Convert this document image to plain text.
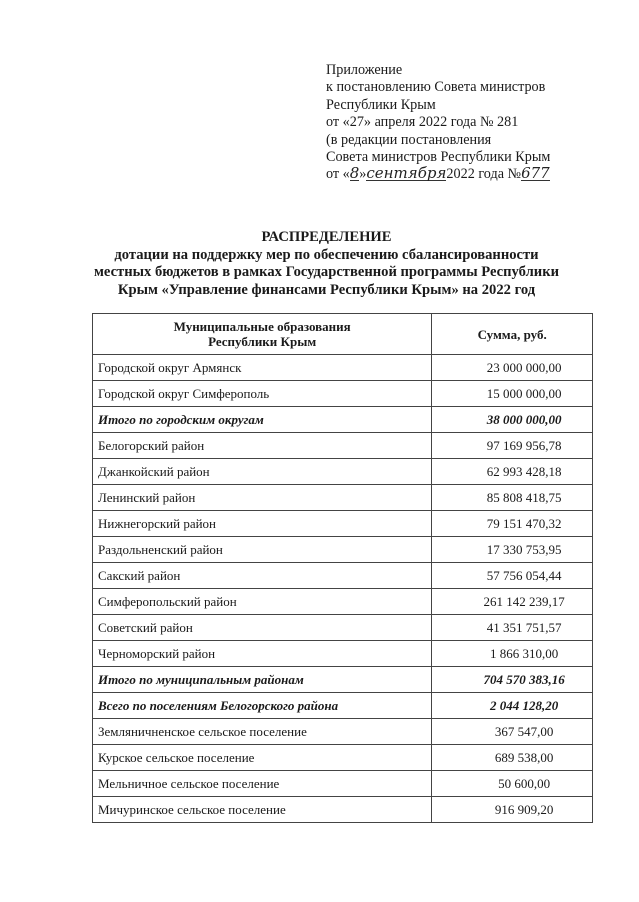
Приложение
к постановлению Совета министров
Республики Крым
от «27» апреля 2022 года № 281
(в редакции постановления
Совета министров Республики Крым
от «8»сентября2022 года №677
РАСПРЕДЕЛЕНИЕ
дотации на поддержку мер по обеспечению сбалансированности
местных бюджетов в рамках Государственной программы Республики
Крым «Управление финансами Республики Крым» на 2022 год
Муниципальные образования
Республики Крым	Сумма, руб.
Городской округ Армянск	23 000 000,00
Городской округ Симферополь	15 000 000,00
Итого по городским округам	38 000 000,00
Белогорский район	97 169 956,78
Джанкойский район	62 993 428,18
Ленинский район	85 808 418,75
Нижнегорский район	79 151 470,32
Раздольненский район	17 330 753,95
Сакский район	57 756 054,44
Симферопольский район	261 142 239,17
Советский район	41 351 751,57
Черноморский район	1 866 310,00
Итого по муниципальным районам	704 570 383,16
Всего по поселениям Белогорского района	2 044 128,20
Земляничненское сельское поселение	367 547,00
Курское сельское поселение	689 538,00
Мельничное сельское поселение	50 600,00
Мичуринское сельское поселение	916 909,20
